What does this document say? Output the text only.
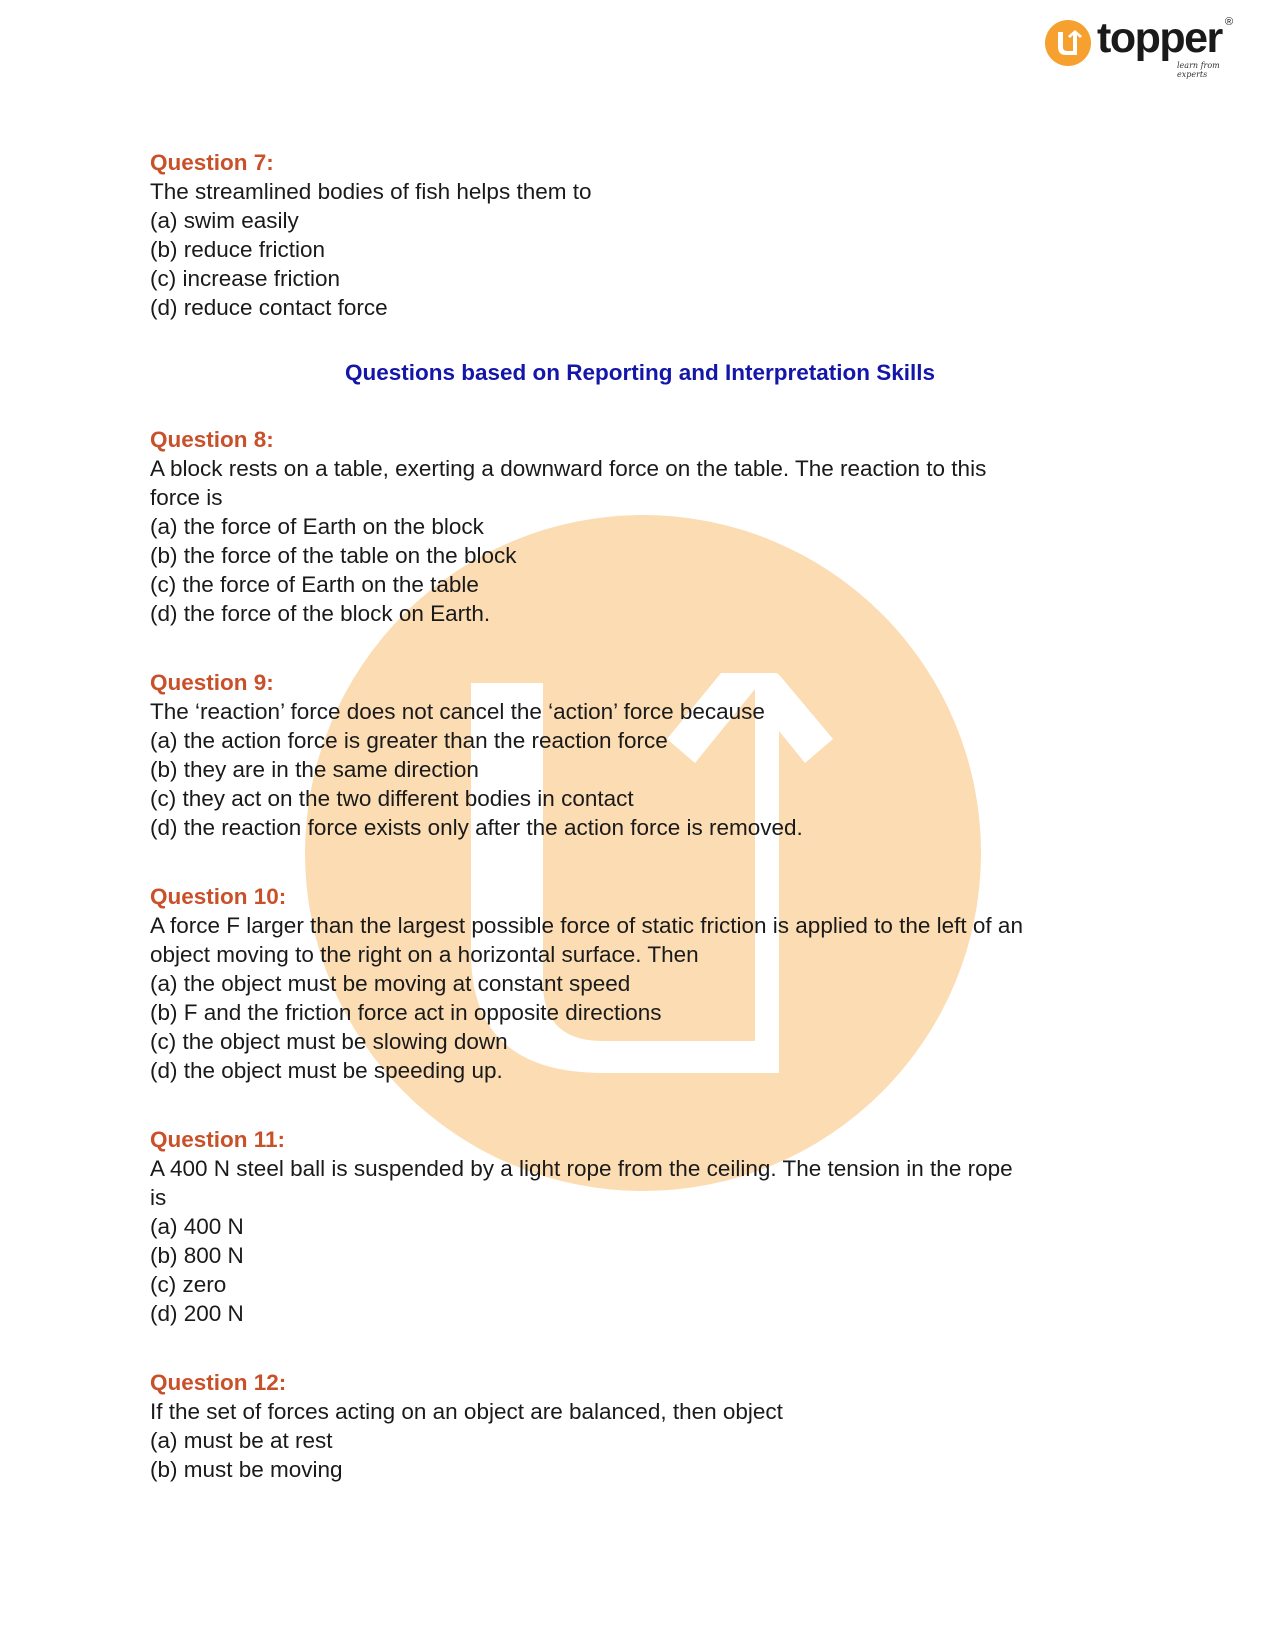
topper ®
learn from experts
Question 7:
The streamlined bodies of fish helps them to
(a) swim easily
(b) reduce friction
(c) increase friction
(d) reduce contact force
Questions based on Reporting and Interpretation Skills
Question 8:
A block rests on a table, exerting a downward force on the table. The reaction to this
force is
(a) the force of Earth on the block
(b) the force of the table on the block
(c) the force of Earth on the table
(d) the force of the block on Earth.
Question 9:
The ‘reaction’ force does not cancel the ‘action’ force because
(a) the action force is greater than the reaction force
(b) they are in the same direction
(c) they act on the two different bodies in contact
(d) the reaction force exists only after the action force is removed.
Question 10:
A force F larger than the largest possible force of static friction is applied to the left of an
object moving to the right on a horizontal surface. Then
(a) the object must be moving at constant speed
(b) F and the friction force act in opposite directions
(c) the object must be slowing down
(d) the object must be speeding up.
Question 11:
A 400 N steel ball is suspended by a light rope from the ceiling. The tension in the rope
is
(a) 400 N
(b) 800 N
(c) zero
(d) 200 N
Question 12:
If the set of forces acting on an object are balanced, then object
(a) must be at rest
(b) must be moving
